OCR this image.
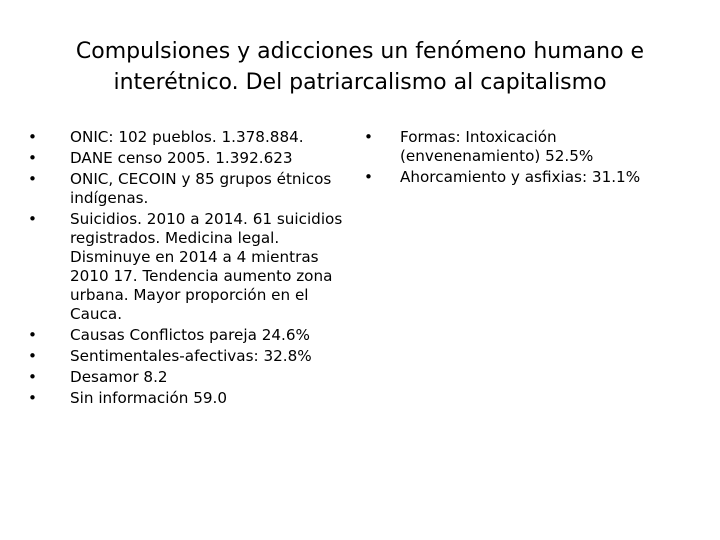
Compulsiones y adicciones un fenómeno humano e interétnico. Del patriarcalismo al capitalismo
•	ONIC: 102 pueblos. 1.378.884.
•	DANE censo 2005. 1.392.623
•	ONIC, CECOIN y 85 grupos étnicos indígenas.
•	Suicidios. 2010 a 2014. 61 suicidios registrados. Medicina legal. Disminuye en 2014 a 4 mientras 2010 17. Tendencia aumento zona urbana. Mayor proporción en el Cauca.
•	Causas Conflictos pareja 24.6%
•	Sentimentales-afectivas: 32.8%
•	Desamor 8.2
•	Sin información 59.0
•	Formas: Intoxicación (envenenamiento) 52.5%
•	Ahorcamiento y asfixias: 31.1%
